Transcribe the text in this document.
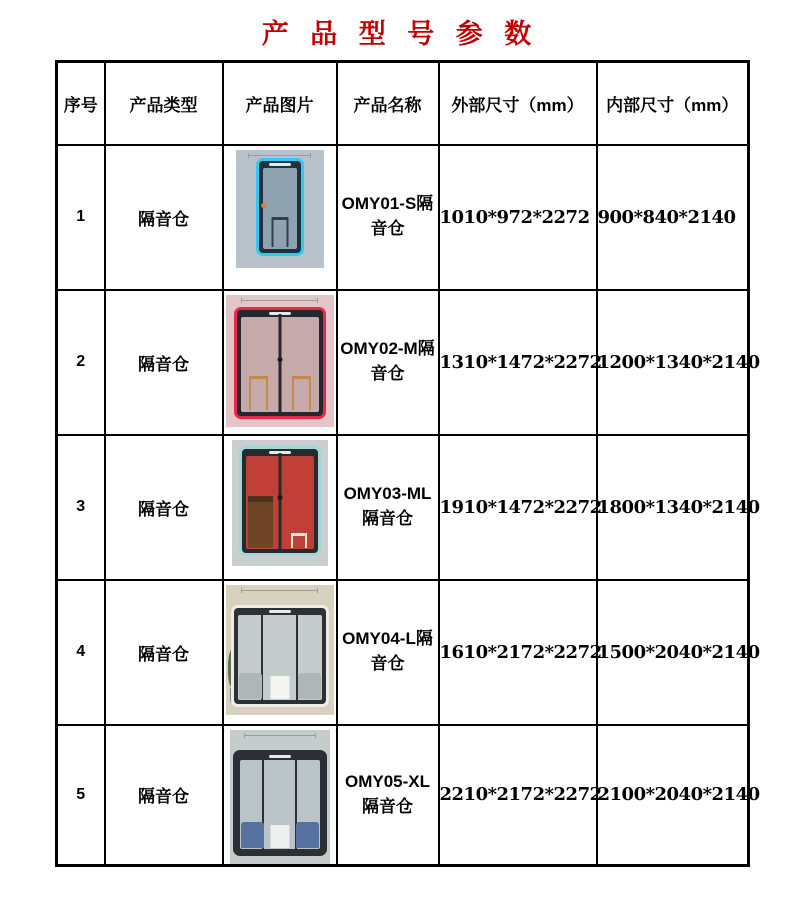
产 品 型 号 参 数
序号	产品类型	产品图片	产品名称	外部尺寸（mm）	内部尺寸（mm）
1	隔音仓		OMY01-S隔音仓	1010*972*2272	900*840*2140
2	隔音仓		OMY02-M隔音仓	1310*1472*2272	1200*1340*2140
3	隔音仓		OMY03-ML隔音仓	1910*1472*2272	1800*1340*2140
4	隔音仓		OMY04-L隔音仓	1610*2172*2272	1500*2040*2140
5	隔音仓		OMY05-XL隔音仓	2210*2172*2272	2100*2040*2140
